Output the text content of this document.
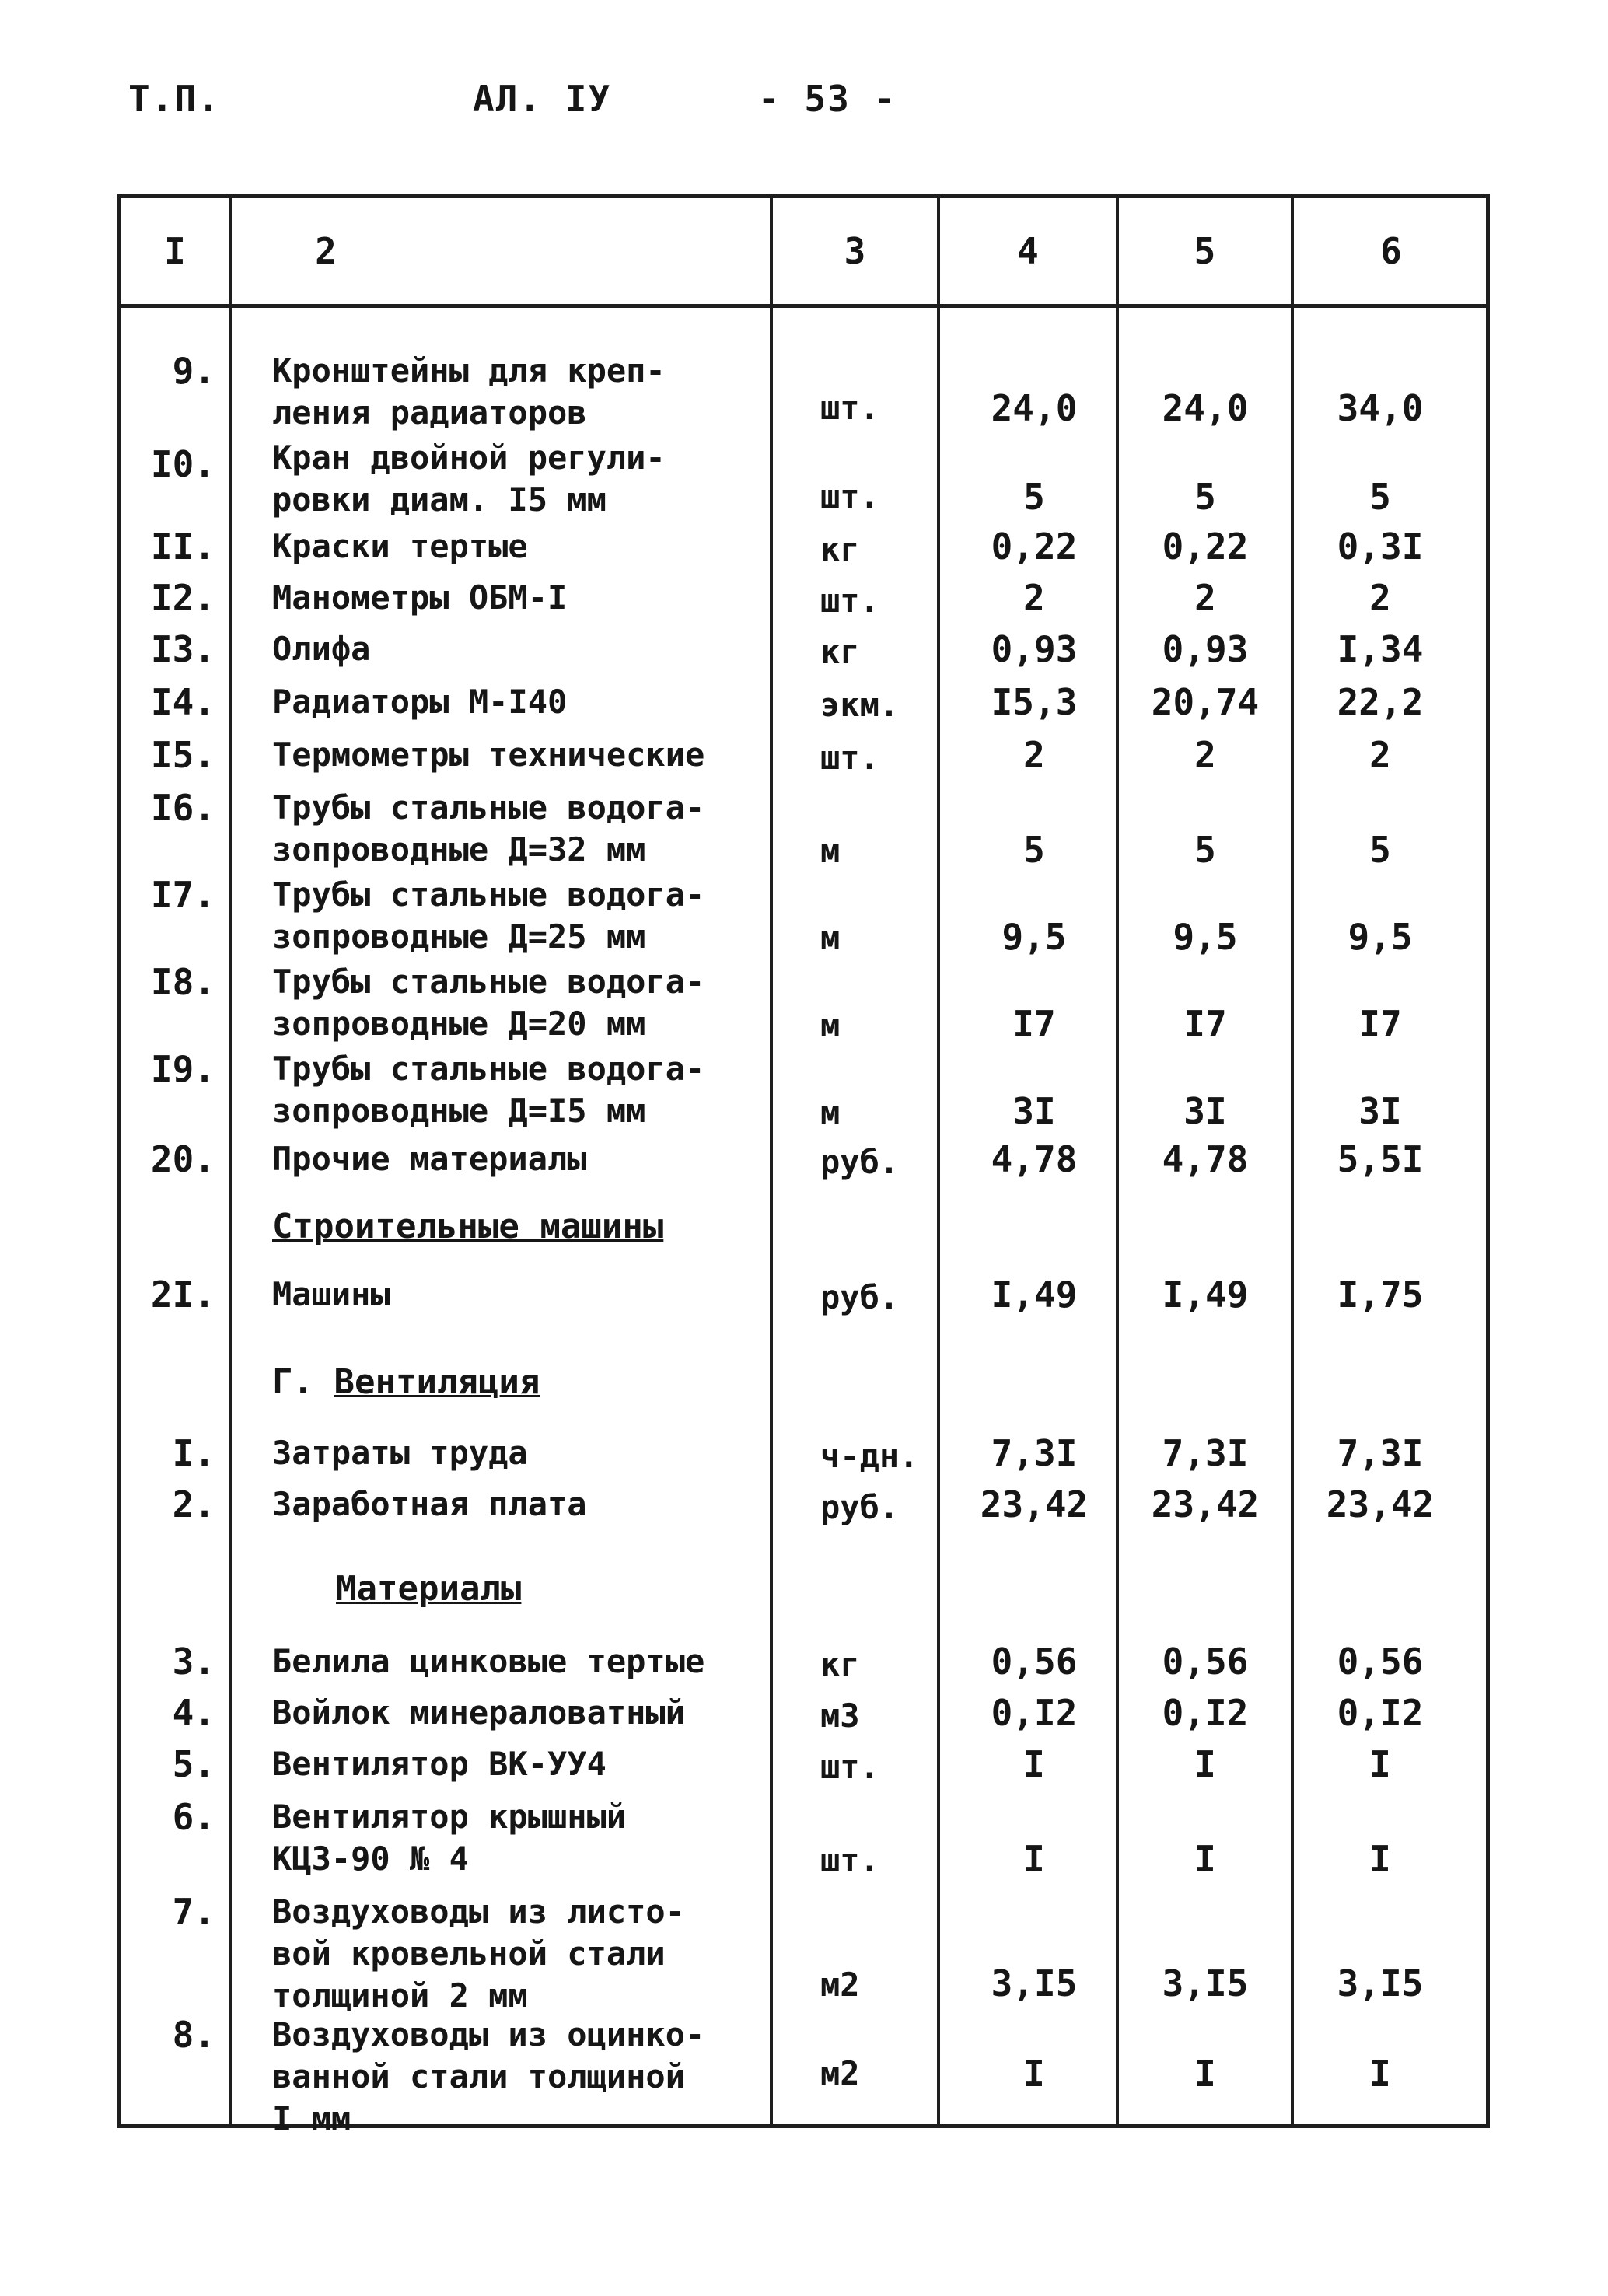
Т.П.	АЛ. IУ	- 53 -
I	2	3	4	5	6
9. Кронштейны для креп-
ления радиаторов	шт.	24,0	24,0	34,0
I0. Кран двойной регули-
ровки диам. I5 мм	шт.	5	5	5
II. Краски тертые	кг	0,22	0,22	0,3I
I2. Манометры ОБМ-I	шт.	2	2	2
I3. Олифа	кг	0,93	0,93	I,34
I4. Радиаторы М-I40	экм.	I5,3	20,74	22,2
I5. Термометры технические	шт.	2	2	2
I6. Трубы стальные водога-
зопроводные Д=32 мм	м	5	5	5
I7. Трубы стальные водога-
зопроводные Д=25 мм	м	9,5	9,5	9,5
I8. Трубы стальные водога-
зопроводные Д=20 мм	м	I7	I7	I7
I9. Трубы стальные водога-
зопроводные Д=I5 мм	м	3I	3I	3I
20. Прочие материалы	руб.	4,78	4,78	5,5I
Строительные машины
2I. Машины	руб.	I,49	I,49	I,75
Г. Вентиляция
I. Затраты труда	ч-дн.	7,3I	7,3I	7,3I
2. Заработная плата	руб.	23,42	23,42	23,42
Материалы
3. Белила цинковые тертые	кг	0,56	0,56	0,56
4. Войлок минераловатный	м3	0,I2	0,I2	0,I2
5. Вентилятор ВК-УУ4	шт.	I	I	I
6. Вентилятор крышный
КЦЗ-90 № 4	шт.	I	I	I
7. Воздуховоды из листо-
вой кровельной стали
толщиной 2 мм	м2	3,I5	3,I5	3,I5
8. Воздуховоды из оцинко-
ванной стали толщиной
I мм
м2	I	I	I
